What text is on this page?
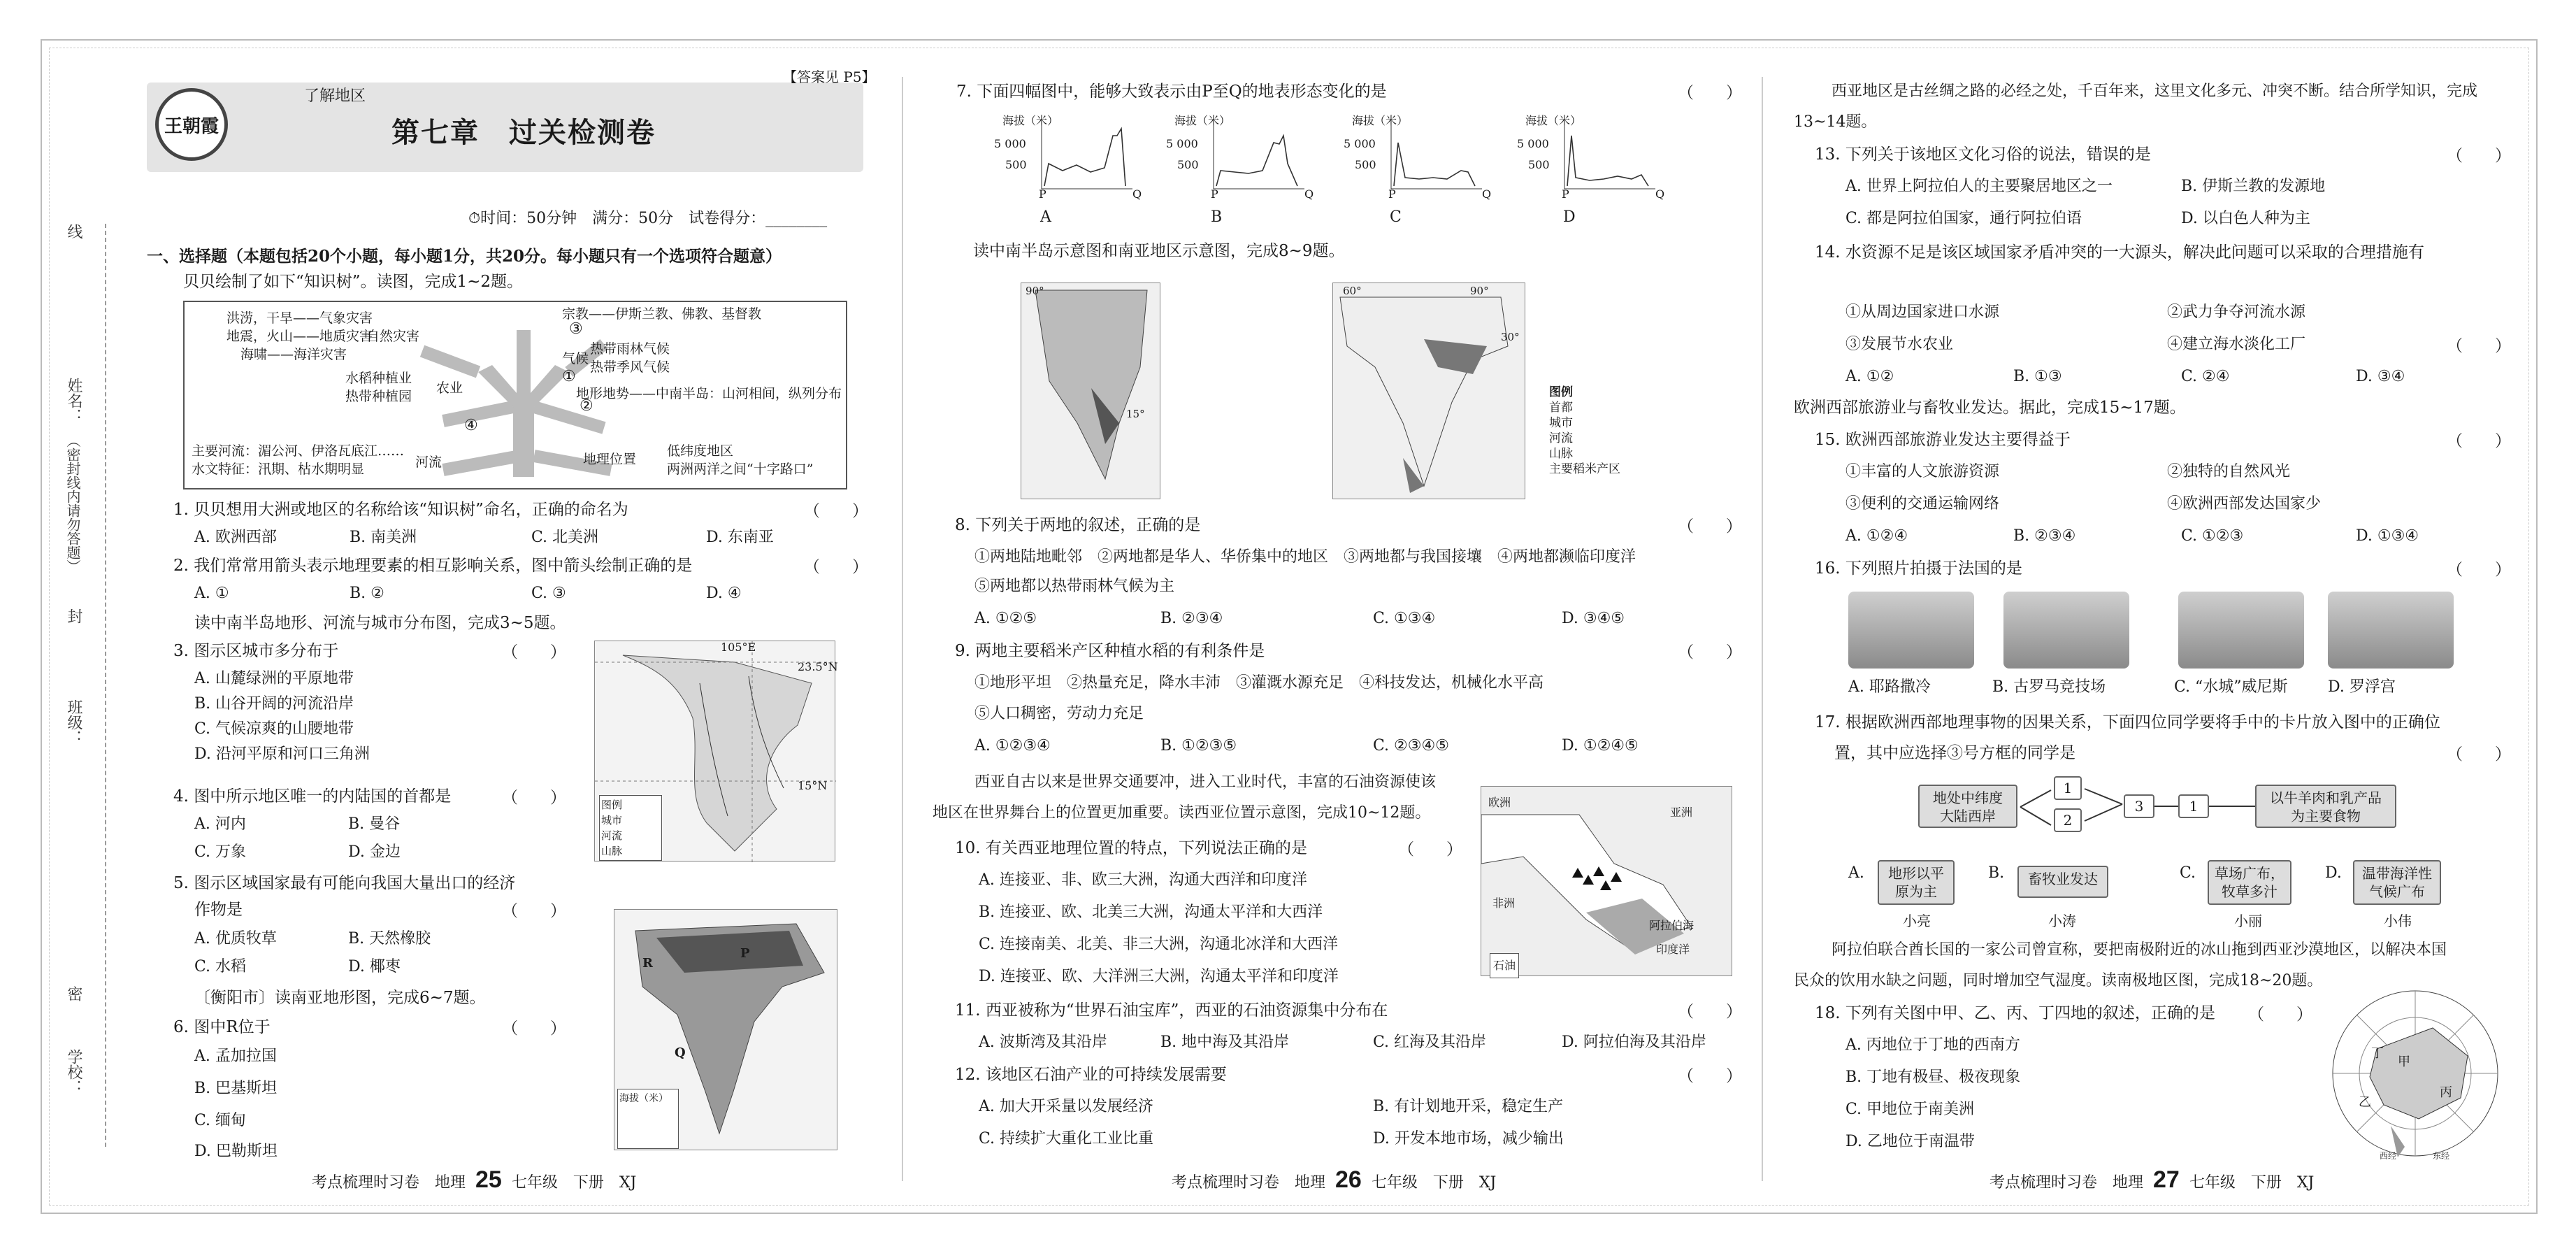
线
姓名：
（密封线内请勿答题）
班级：
封
密
学校：
王朝霞
了解地区
【答案见 P5】
第七章　过关检测卷
⏱时间：50分钟　满分：50分　试卷得分：________
一、选择题（本题包括20个小题，每小题1分，共20分。每小题只有一个选项符合题意）
贝贝绘制了如下“知识树”。读图，完成1~2题。
洪涝，干旱——气象灾害
地震，火山——地质灾害
海啸——海洋灾害
自然灾害
水稻种植业
热带种植园
农业
主要河流：湄公河、伊洛瓦底江……
水文特征：汛期、枯水期明显	河流
宗教——伊斯兰教、佛教、基督教
热带雨林气候
热带季风气候
气候
地形地势——中南半岛：山河相间，纵列分布
低纬度地区
两洲两洋之间“十字路口”
地理位置
③
①
②
④
1. 贝贝想用大洲或地区的名称给该“知识树”命名，正确的命名为	（　　）
A. 欧洲西部	B. 南美洲	C. 北美洲	D. 东南亚
2. 我们常常用箭头表示地理要素的相互影响关系，图中箭头绘制正确的是	（　　）
A. ①	B. ②	C. ③	D. ④
读中南半岛地形、河流与城市分布图，完成3~5题。
3. 图示区城市多分布于	（　　）
A. 山麓绿洲的平原地带
B. 山谷开阔的河流沿岸
C. 气候凉爽的山腰地带
D. 沿河平原和河口三角洲
4. 图中所示地区唯一的内陆国的首都是	（　　）
A. 河内	B. 曼谷
C. 万象	D. 金边
5. 图示区域国家最有可能向我国大量出口的经济
作物是	（　　）
A. 优质牧草	B. 天然橡胶
C. 水稻	D. 椰枣
〔衡阳市〕读南亚地形图，完成6~7题。
6. 图中R位于	（　　）
A. 孟加拉国
B. 巴基斯坦
C. 缅甸
D. 巴勒斯坦
105°E
23.5°N
15°N
图例
城市
河流
山脉
R
P
Q
海拔（米）
7. 下面四幅图中，能够大致表示由P至Q的地表形态变化的是	（　　）
海拔（米）
5 000
500
P	Q
海拔（米）
5 000
500
P	Q
海拔（米）
5 000
500
P	Q
海拔（米）
5 000
500
P	Q
A	B	C	D
读中南半岛示意图和南亚地区示意图，完成8~9题。
90°
15°
60°	90°
30°
图例
首都
城市
河流
山脉
主要稻米产区
8. 下列关于两地的叙述，正确的是	（　　）
①两地陆地毗邻　②两地都是华人、华侨集中的地区　③两地都与我国接壤　④两地都濒临印度洋
⑤两地都以热带雨林气候为主
A. ①②⑤	B. ②③④	C. ①③④	D. ③④⑤
9. 两地主要稻米产区种植水稻的有利条件是	（　　）
①地形平坦　②热量充足，降水丰沛　③灌溉水源充足　④科技发达，机械化水平高
⑤人口稠密，劳动力充足
A. ①②③④	B. ①②③⑤	C. ②③④⑤	D. ①②④⑤
西亚自古以来是世界交通要冲，进入工业时代，丰富的石油资源使该
地区在世界舞台上的位置更加重要。读西亚位置示意图，完成10~12题。	亚洲
欧洲
非洲
阿拉伯海
印度洋
石油
10. 有关西亚地理位置的特点，下列说法正确的是	（　　）
A. 连接亚、非、欧三大洲，沟通大西洋和印度洋
B. 连接亚、欧、北美三大洲，沟通太平洋和大西洋
C. 连接南美、北美、非三大洲，沟通北冰洋和大西洋
D. 连接亚、欧、大洋洲三大洲，沟通太平洋和印度洋
11. 西亚被称为“世界石油宝库”，西亚的石油资源集中分布在	（　　）
A. 波斯湾及其沿岸	B. 地中海及其沿岸	C. 红海及其沿岸	D. 阿拉伯海及其沿岸
12. 该地区石油产业的可持续发展需要	（　　）
A. 加大开采量以发展经济	B. 有计划地开采，稳定生产
C. 持续扩大重化工业比重	D. 开发本地市场，减少输出
西亚地区是古丝绸之路的必经之处，千百年来，这里文化多元、冲突不断。结合所学知识，完成
13~14题。
13. 下列关于该地区文化习俗的说法，错误的是	（　　）
A. 世界上阿拉伯人的主要聚居地区之一	B. 伊斯兰教的发源地
C. 都是阿拉伯国家，通行阿拉伯语	D. 以白色人种为主
14. 水资源不足是该区域国家矛盾冲突的一大源头，解决此问题可以采取的合理措施有
①从周边国家进口水源	②武力争夺河流水源
③发展节水农业	④建立海水淡化工厂	（　　）
A. ①②	B. ①③	C. ②④	D. ③④
欧洲西部旅游业与畜牧业发达。据此，完成15~17题。
15. 欧洲西部旅游业发达主要得益于	（　　）
①丰富的人文旅游资源	②独特的自然风光
③便利的交通运输网络	④欧洲西部发达国家少
A. ①②④	B. ②③④	C. ①②③	D. ①③④
16. 下列照片拍摄于法国的是	（　　）
A. 耶路撒冷	B. 古罗马竞技场	C. “水城”威尼斯	D. 罗浮宫
17. 根据欧洲西部地理事物的因果关系，下面四位同学要将手中的卡片放入图中的正确位
置，其中应选择③号方框的同学是	（　　）
地处中纬度
大陆西岸
1
2
3	1	以牛羊肉和乳产品
为主要食物
A.	地形以平
原为主
B.	畜牧业发达	C. 草场广布，
牧草多汁
D.	温带海洋性
气候广布
小亮	小涛	小丽	小伟
阿拉伯联合酋长国的一家公司曾宣称，要把南极附近的冰山拖到西亚沙漠地区，以解决本国
民众的饮用水缺之问题，同时增加空气湿度。读南极地区图，完成18~20题。
18. 下列有关图中甲、乙、丙、丁四地的叙述，正确的是 （　　）
A. 丙地位于丁地的西南方
B. 丁地有极昼、极夜现象
C. 甲地位于南美洲
D. 乙地位于南温带
甲
乙
丙
丁
西经	东经
考点梳理时习卷　地理 25 七年级　下册　XJ	考点梳理时习卷　地理 26 七年级　下册　XJ	考点梳理时习卷　地理 27 七年级　下册　XJ
